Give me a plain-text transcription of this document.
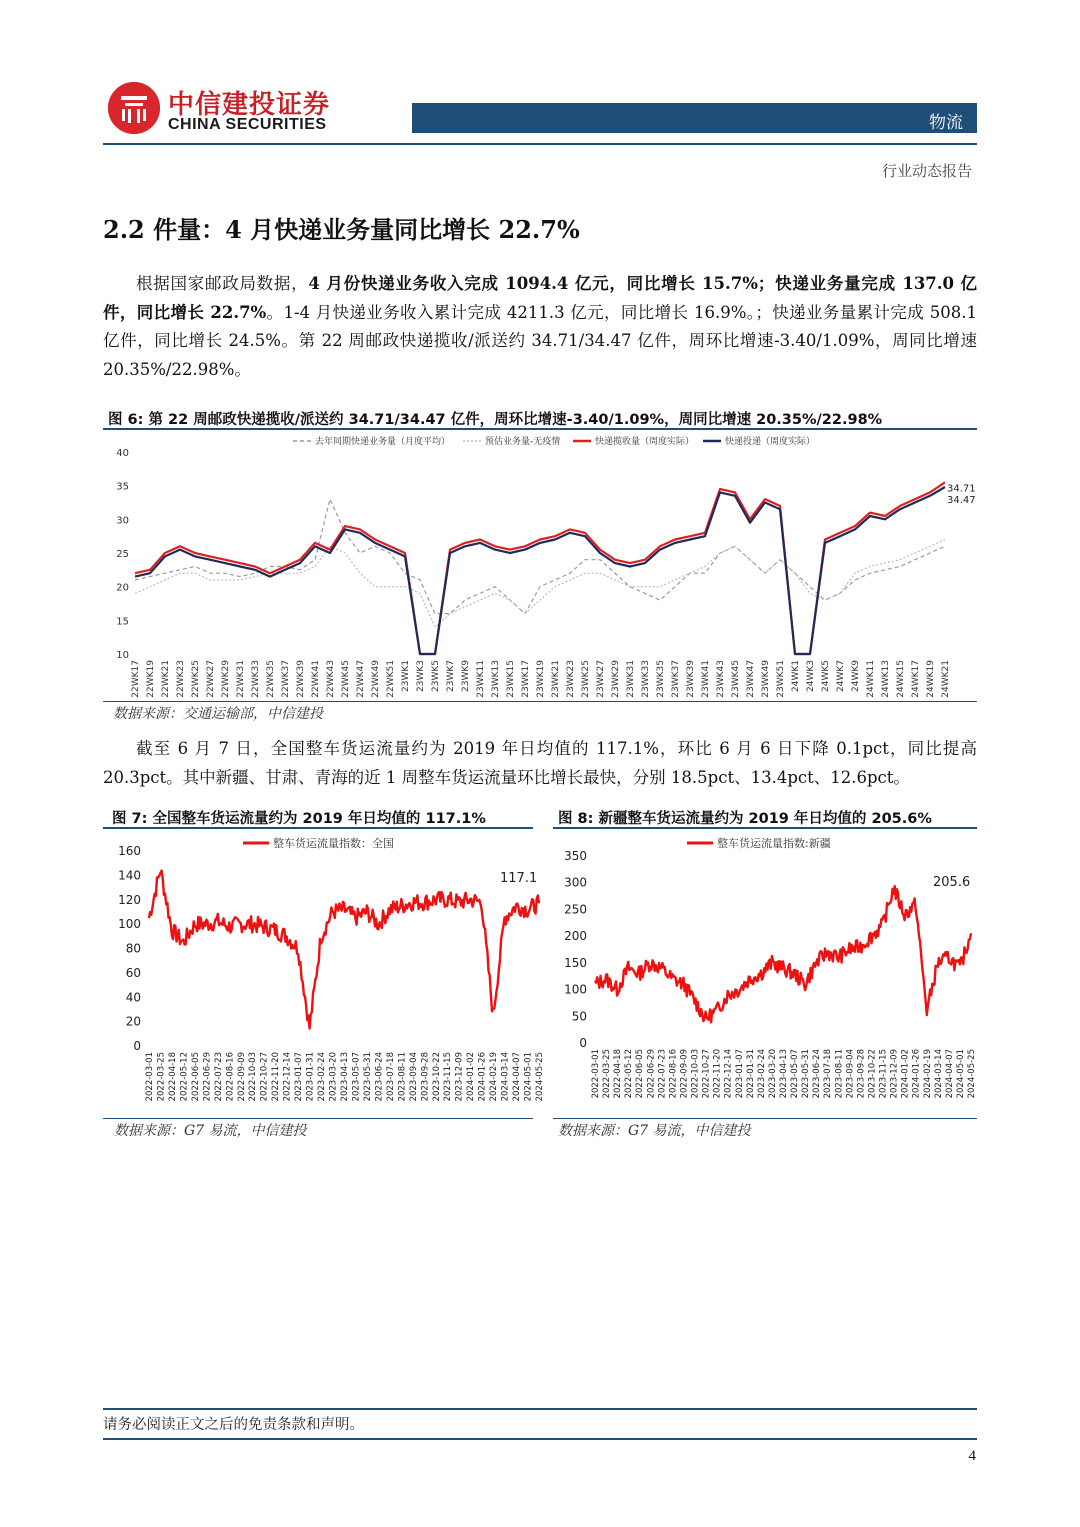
中信建投证券
CHINA SECURITIES	物流
行业动态报告
2.2 件量：4 月快递业务量同比增长 22.7%

根据国家邮政局数据，4 月份快递业务收入完成 1094.4 亿元，同比增长 15.7%；快递业务量完成 137.0 亿件，同比增长 22.7%。1-4 月快递业务收入累计完成 4211.3 亿元，同比增长 16.9%。；快递业务量累计完成 508.1 亿件，同比增长 24.5%。第 22 周邮政快递揽收/派送约 34.71/34.47 亿件，周环比增速-3.40/1.09%，周同比增速 20.35%/22.98%。

图 6: 第 22 周邮政快递揽收/派送约 34.71/34.47 亿件，周环比增速-3.40/1.09%，周同比增速 20.35%/22.98%
10
15
20
25
30
35
40
去年同期快递业务量（月度平均）	预估业务量-无疫情	快递揽收量（周度实际）	快递投递（周度实际）
34.71
34.47
22WK17 22WK19 22WK21 22WK23 22WK25 22WK27 22WK29 22WK31 22WK33 22WK35 22WK37 22WK39 22WK41 22WK43 22WK45 22WK47 22WK49 22WK51 23WK1 23WK3 23WK5 23WK7 23WK9 23WK11 23WK13 23WK15 23WK17 23WK19 23WK21 23WK23 23WK25 23WK27 23WK29 23WK31 23WK33 23WK35 23WK37 23WK39 23WK41 23WK43 23WK45 23WK47 23WK49 23WK51 24WK1 24WK3 24WK5 24WK7 24WK9 24WK11 24WK13 24WK15 24WK17 24WK19 24WK21
数据来源：交通运输部，中信建投

截至 6 月 7 日，全国整车货运流量约为 2019 年日均值的 117.1%，环比 6 月 6 日下降 0.1pct，同比提高 20.3pct。其中新疆、甘肃、青海的近 1 周整车货运流量环比增长最快，分别 18.5pct、13.4pct、12.6pct。

图 7: 全国整车货运流量约为 2019 年日均值的 117.1%
0
20
40
60
80
100
120
140
160
整车货运流量指数：全国
117.1
2022-03-01 2022-03-25 2022-04-18 2022-05-12 2022-06-05 2022-06-29 2022-07-23 2022-08-16 2022-09-09 2022-10-03 2022-10-27 2022-11-20 2022-12-14 2023-01-07 2023-01-31 2023-02-24 2023-03-20 2023-04-13 2023-05-07 2023-05-31 2023-06-24 2023-07-18 2023-08-11 2023-09-04 2023-09-28 2023-10-22 2023-11-15 2023-12-09 2024-01-02 2024-01-26 2024-02-19 2024-03-14 2024-04-07 2024-05-01 2024-05-25
数据来源：G7 易流，中信建投
图 8: 新疆整车货运流量约为 2019 年日均值的 205.6%
0
50
100
150
200
250
300
350
整车货运流量指数:新疆
205.6
2022-03-01 2022-03-25 2022-04-18 2022-05-12 2022-06-05 2022-06-29 2022-07-23 2022-08-16 2022-09-09 2022-10-03 2022-10-27 2022-11-20 2022-12-14 2023-01-07 2023-01-31 2023-02-24 2023-03-20 2023-04-13 2023-05-07 2023-05-31 2023-06-24 2023-07-18 2023-08-11 2023-09-04 2023-09-28 2023-10-22 2023-11-15 2023-12-09 2024-01-02 2024-01-26 2024-02-19 2024-03-14 2024-04-07 2024-05-01 2024-05-25
数据来源：G7 易流，中信建投
请务必阅读正文之后的免责条款和声明。
4
